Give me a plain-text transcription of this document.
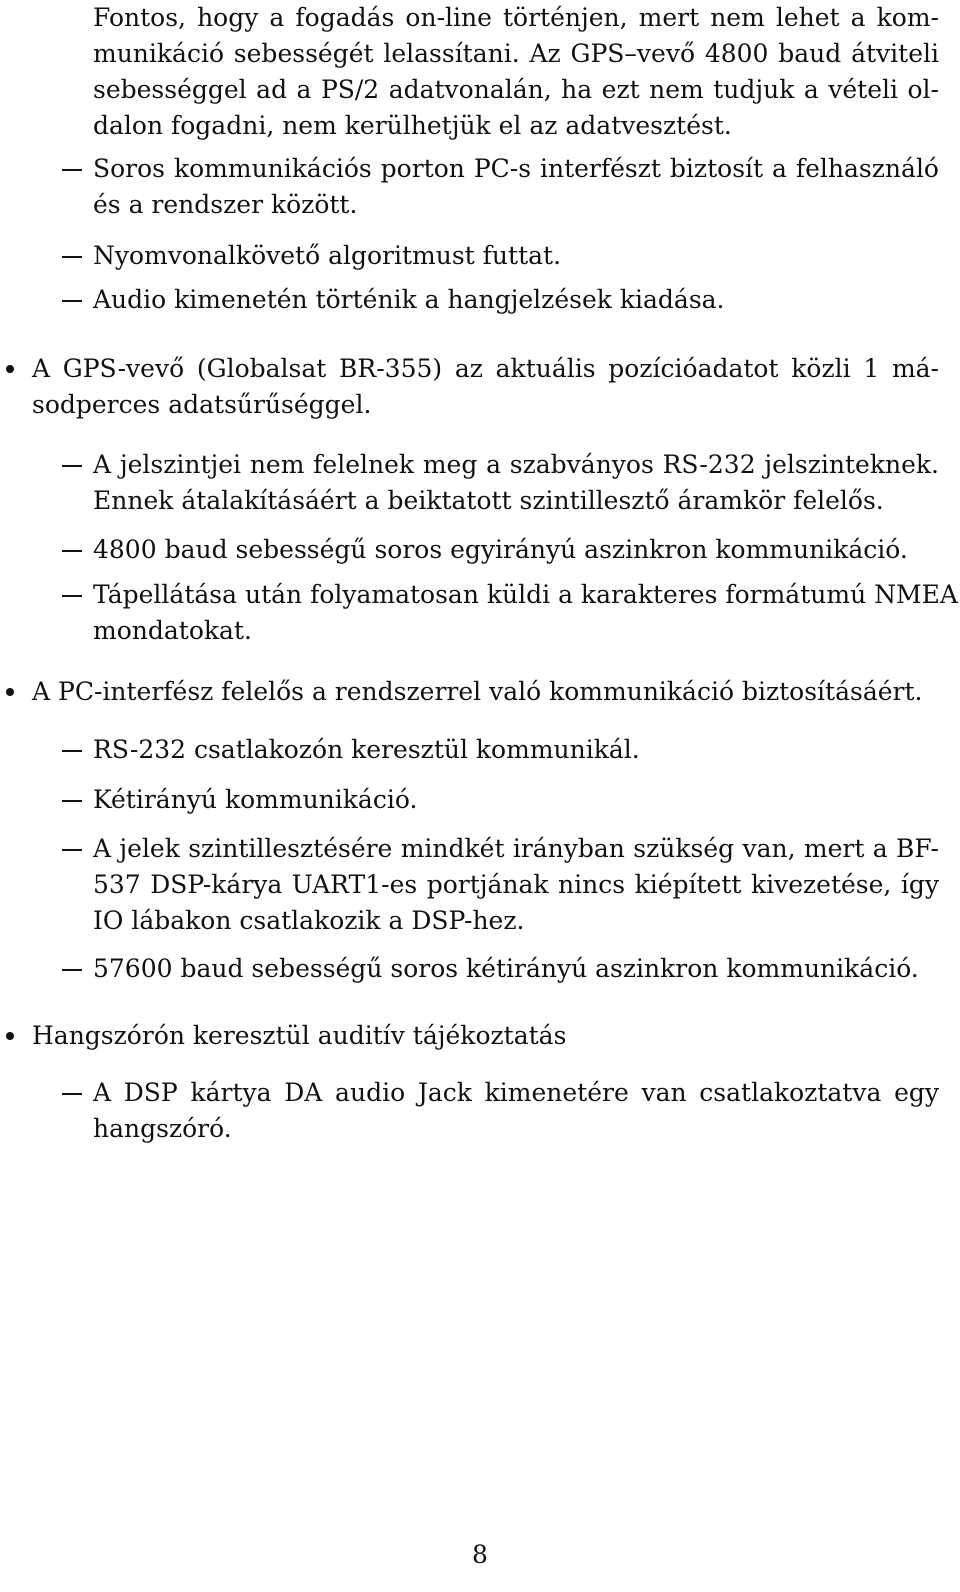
Fontos, hogy a fogadás on-line történjen, mert nem lehet a kom-
munikáció sebességét lelassítani. Az GPS–vevő 4800 baud átviteli
sebességgel ad a PS/2 adatvonalán, ha ezt nem tudjuk a vételi ol-
dalon fogadni, nem kerülhetjük el az adatvesztést.
Soros kommunikációs porton PC-s interfészt biztosít a felhasználó
és a rendszer között.
Nyomvonalkövető algoritmust futtat.
Audio kimenetén történik a hangjelzések kiadása.
A GPS-vevő (Globalsat BR-355) az aktuális pozícióadatot közli 1 má-
sodperces adatsűrűséggel.
A jelszintjei nem felelnek meg a szabványos RS-232 jelszinteknek.
Ennek átalakításáért a beiktatott szintillesztő áramkör felelős.
4800 baud sebességű soros egyirányú aszinkron kommunikáció.
Tápellátása után folyamatosan küldi a karakteres formátumú NMEA
mondatokat.
A PC-interfész felelős a rendszerrel való kommunikáció biztosításáért.
RS-232 csatlakozón keresztül kommunikál.
Kétirányú kommunikáció.
A jelek szintillesztésére mindkét irányban szükség van, mert a BF-
537 DSP-kárya UART1-es portjának nincs kiépített kivezetése, így
IO lábakon csatlakozik a DSP-hez.
57600 baud sebességű soros kétirányú aszinkron kommunikáció.
Hangszórón keresztül auditív tájékoztatás
A DSP kártya DA audio Jack kimenetére van csatlakoztatva egy
hangszóró.
8
